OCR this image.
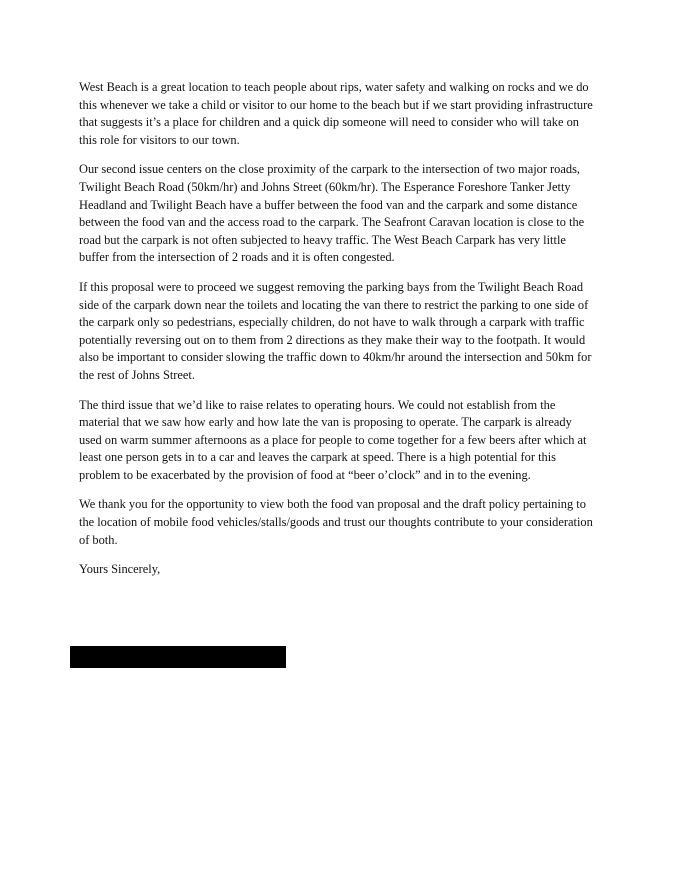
West Beach is a great location to teach people about rips, water safety and walking on rocks and we do this whenever we take a child or visitor to our home to the beach but if we start providing infrastructure that suggests it’s a place for children and a quick dip someone will need to consider who will take on this role for visitors to our town.

Our second issue centers on the close proximity of the carpark to the intersection of two major roads, Twilight Beach Road (50km/hr) and Johns Street (60km/hr). The Esperance Foreshore Tanker Jetty Headland and Twilight Beach have a buffer between the food van and the carpark and some distance between the food van and the access road to the carpark. The Seafront Caravan location is close to the road but the carpark is not often subjected to heavy traffic. The West Beach Carpark has very little buffer from the intersection of 2 roads and it is often congested.

If this proposal were to proceed we suggest removing the parking bays from the Twilight Beach Road side of the carpark down near the toilets and locating the van there to restrict the parking to one side of the carpark only so pedestrians, especially children, do not have to walk through a carpark with traffic potentially reversing out on to them from 2 directions as they make their way to the footpath. It would also be important to consider slowing the traffic down to 40km/hr around the intersection and 50km for the rest of Johns Street.

The third issue that we’d like to raise relates to operating hours. We could not establish from the material that we saw how early and how late the van is proposing to operate. The carpark is already used on warm summer afternoons as a place for people to come together for a few beers after which at least one person gets in to a car and leaves the carpark at speed. There is a high potential for this problem to be exacerbated by the provision of food at “beer o’clock” and in to the evening.

We thank you for the opportunity to view both the food van proposal and the draft policy pertaining to the location of mobile food vehicles/stalls/goods and trust our thoughts contribute to your consideration of both.

Yours Sincerely,
